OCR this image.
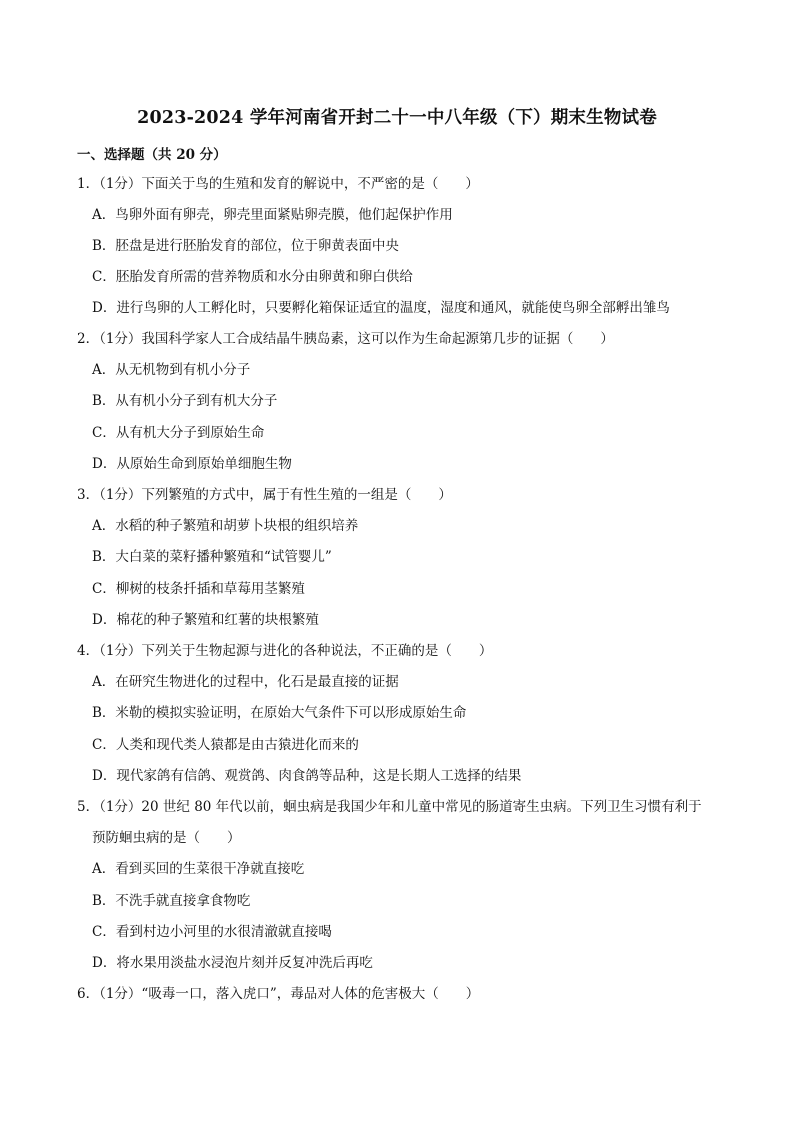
2023-2024 学年河南省开封二十一中八年级（下）期末生物试卷
一、选择题（共 20 分）
1．（1分）下面关于鸟的生殖和发育的解说中，不严密的是（　　）
A．鸟卵外面有卵壳，卵壳里面紧贴卵壳膜，他们起保护作用
B．胚盘是进行胚胎发育的部位，位于卵黄表面中央
C．胚胎发育所需的营养物质和水分由卵黄和卵白供给
D．进行鸟卵的人工孵化时，只要孵化箱保证适宜的温度，湿度和通风，就能使鸟卵全部孵出雏鸟
2．（1分）我国科学家人工合成结晶牛胰岛素，这可以作为生命起源第几步的证据（　　）
A．从无机物到有机小分子
B．从有机小分子到有机大分子
C．从有机大分子到原始生命
D．从原始生命到原始单细胞生物
3．（1分）下列繁殖的方式中，属于有性生殖的一组是（　　）
A．水稻的种子繁殖和胡萝卜块根的组织培养
B．大白菜的菜籽播种繁殖和“试管婴儿”
C．柳树的枝条扦插和草莓用茎繁殖
D．棉花的种子繁殖和红薯的块根繁殖
4．（1分）下列关于生物起源与进化的各种说法，不正确的是（　　）
A．在研究生物进化的过程中，化石是最直接的证据
B．米勒的模拟实验证明，在原始大气条件下可以形成原始生命
C．人类和现代类人猿都是由古猿进化而来的
D．现代家鸽有信鸽、观赏鸽、肉食鸽等品种，这是长期人工选择的结果
5．（1分）20 世纪 80 年代以前，蛔虫病是我国少年和儿童中常见的肠道寄生虫病。下列卫生习惯有利于
预防蛔虫病的是（　　）
A．看到买回的生菜很干净就直接吃
B．不洗手就直接拿食物吃
C．看到村边小河里的水很清澈就直接喝
D．将水果用淡盐水浸泡片刻并反复冲洗后再吃
6．（1分）“吸毒一口，落入虎口”，毒品对人体的危害极大（　　）
